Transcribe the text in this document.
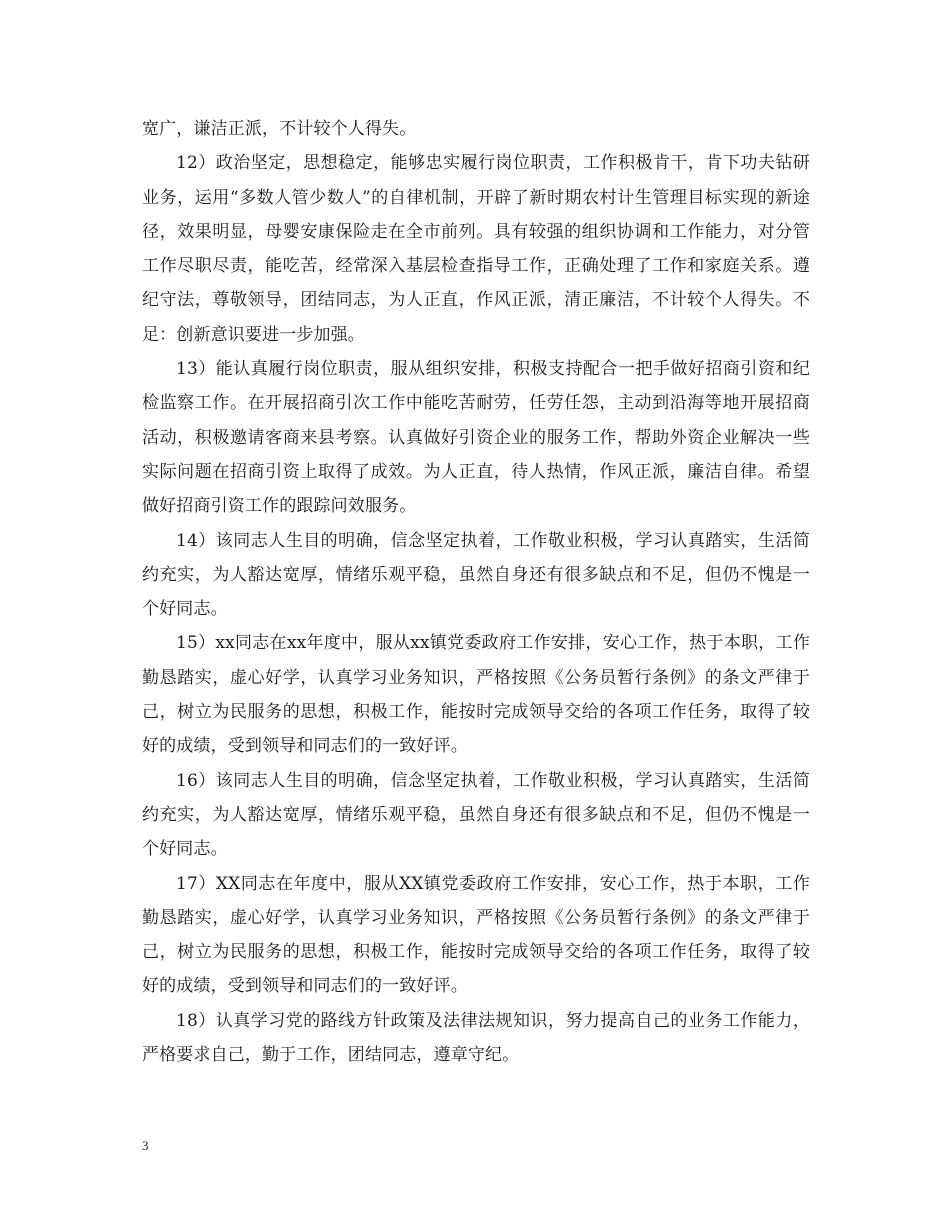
宽广，谦洁正派，不计较个人得失。

12）政治坚定，思想稳定，能够忠实履行岗位职责，工作积极肯干，肯下功夫钻研业务，运用“多数人管少数人”的自律机制，开辟了新时期农村计生管理目标实现的新途径，效果明显，母婴安康保险走在全市前列。具有较强的组织协调和工作能力，对分管工作尽职尽责，能吃苦，经常深入基层检查指导工作，正确处理了工作和家庭关系。遵纪守法，尊敬领导，团结同志，为人正直，作风正派，清正廉洁，不计较个人得失。不足：创新意识要进一步加强。

13）能认真履行岗位职责，服从组织安排，积极支持配合一把手做好招商引资和纪检监察工作。在开展招商引次工作中能吃苦耐劳，任劳任怨，主动到沿海等地开展招商活动，积极邀请客商来县考察。认真做好引资企业的服务工作，帮助外资企业解决一些实际问题在招商引资上取得了成效。为人正直，待人热情，作风正派，廉洁自律。希望做好招商引资工作的跟踪问效服务。

14）该同志人生目的明确，信念坚定执着，工作敬业积极，学习认真踏实，生活简约充实，为人豁达宽厚，情绪乐观平稳，虽然自身还有很多缺点和不足，但仍不愧是一个好同志。

15）xx同志在xx年度中，服从xx镇党委政府工作安排，安心工作，热于本职，工作勤恳踏实，虚心好学，认真学习业务知识，严格按照《公务员暂行条例》的条文严律于己，树立为民服务的思想，积极工作，能按时完成领导交给的各项工作任务，取得了较好的成绩，受到领导和同志们的一致好评。

16）该同志人生目的明确，信念坚定执着，工作敬业积极，学习认真踏实，生活简约充实，为人豁达宽厚，情绪乐观平稳，虽然自身还有很多缺点和不足，但仍不愧是一个好同志。

17）XX同志在年度中，服从XX镇党委政府工作安排，安心工作，热于本职，工作勤恳踏实，虚心好学，认真学习业务知识，严格按照《公务员暂行条例》的条文严律于己，树立为民服务的思想，积极工作，能按时完成领导交给的各项工作任务，取得了较好的成绩，受到领导和同志们的一致好评。

18）认真学习党的路线方针政策及法律法规知识，努力提高自己的业务工作能力，严格要求自己，勤于工作，团结同志，遵章守纪。

3
